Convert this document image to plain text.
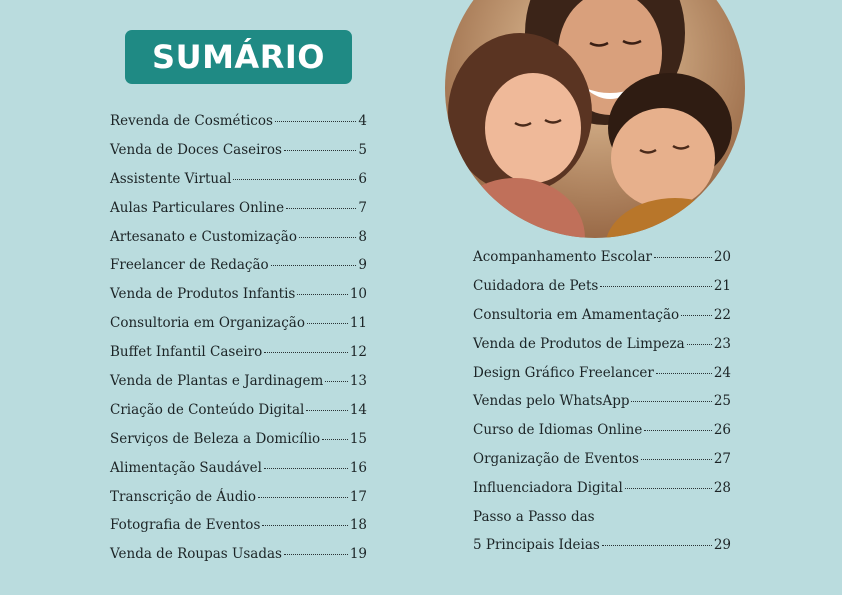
SUMÁRIO
Revenda de Cosméticos	4
Venda de Doces Caseiros	5
Assistente Virtual	6
Aulas Particulares Online	7
Artesanato e Customização	8
Freelancer de Redação	9
Venda de Produtos Infantis	10
Consultoria em Organização	11
Buffet Infantil Caseiro	12
Venda de Plantas e Jardinagem 13
Criação de Conteúdo Digital	14
Serviços de Beleza a Domicílio 15
Alimentação Saudável	16
Transcrição de Áudio	17
Fotografia de Eventos	18
Venda de Roupas Usadas	19
Acompanhamento Escolar	20
Cuidadora de Pets	21
Consultoria em Amamentação	22
Venda de Produtos de Limpeza 23
Design Gráfico Freelancer	24
Vendas pelo WhatsApp	25
Curso de Idiomas Online	26
Organização de Eventos	27
Influenciadora Digital	28
Passo a Passo das
5 Principais Ideias	29
